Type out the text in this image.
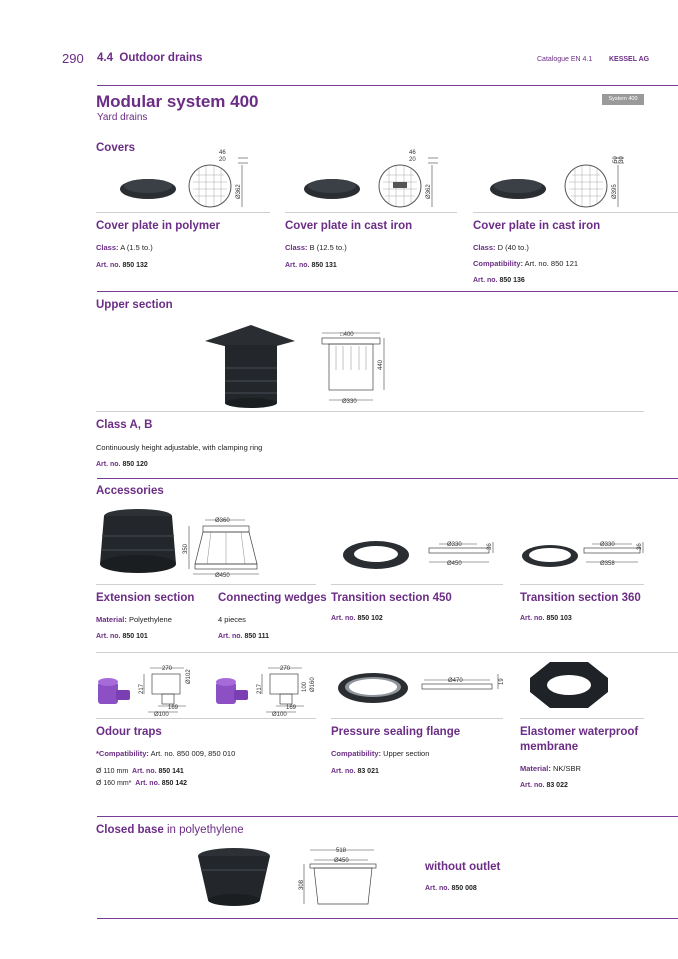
290 4.4  Outdoor drains	Catalogue EN 4.1 KESSEL AG
Modular system 400
Yard drains
System 400
Covers	46
20
Ø362
46
20
Ø362
50 30
Ø395
Cover plate in polymer
Class: A (1.5 to.)
Art. no. 850 132
Cover plate in cast iron
Class: B (12.5 to.)
Art. no. 850 131
Cover plate in cast iron
Class: D (40 to.)
Compatibility: Art. no. 850 121
Art. no. 850 136
Upper section
□400
440
Ø330
Class A, B
Continuously height adjustable, with clamping ring
Art. no. 850 120
Accessories
Ø360
350
Ø450
Ø330	36
Ø450
Ø330	36
Ø358
Extension section
Material: Polyethylene
Art. no. 850 101
Connecting wedges
4 pieces
Art. no. 850 111
Transition section 450
Art. no. 850 102
Transition section 360
Art. no. 850 103
270
Ø102
217
169
Ø100
270
Ø160
217	100
169
Ø100
Ø470	19
Odour traps
*Compatibility: Art. no. 850 009, 850 010
Ø 110 mm Art. no. 850 141
Ø 160 mm* Art. no. 850 142
Pressure sealing flange
Compatibility: Upper section
Art. no. 83 021
Elastomer waterproof
membrane
Material: NK/SBR
Art. no. 83 022
Closed base in polyethylene
518
Ø450
308
without outlet
Art. no. 850 008
